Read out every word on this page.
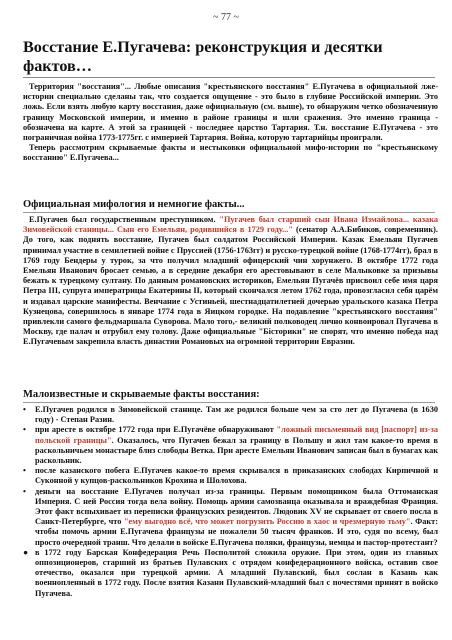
~ 77 ~
Восстание Е.Пугачева: реконструкция и десятки фактов…

Территория "восстания"... Любые описания "крестьянского восстания" Е.Пугачева в официальной лже-истории специально сделаны так, что создается ощущение - это было в глубине Российской империи. Это ложь. Если взять любую карту восстания, даже официальную (см. выше), то обнаружим четко обозначенную границу Московской империи, и именно в районе границы и шли сражения. Это именно граница - обозначена на карте. А этой за границей - последнее царство Тартария. Т.н. восстание Е.Пугачева - это пограничная война 1773-1775гг. с империей Тартария. Война, которую тартарийцы проиграли.

Теперь рассмотрим скрываемые факты и нестыковки официальной мифо-истории по "крестьянскому восстанию" Е.Пугачева...

Официальная мифология и немногие факты...

Е.Пугачев был государственным преступником. "Пугачев был старший сын Ивана Измайлова... казака Зимовейской станицы... Сын его Емельян, родившийся в 1729 году..." (сенатор А.А.Бибиков, современник). До того, как поднять восстание, Пугачев был солдатом Российской Империи. Казак Емельян Пугачев принимал участие в семилетней войне с Пруссией (1756-1763гг) и русско-турецкой войне (1768-1774гг), брал в 1769 году Бендеры у турок, за что получил младший офицерский чин хорунжего. В октябре 1772 года Емельян Иванович бросает семью, а в середине декабря его арестовывают в селе Малыковке за призывы бежать к турецкому султану. По данным романовских историков, Емельян Пугачёв присвоил себе имя царя Петра III, супруга императрицы Екатерины II, который скончался летом 1762 года, провозгласил себя царём и издавал царские манифесты. Венчание с Устиньей, шестнадцатилетней дочерью уральского казака Петра Кузнецова, совершилось в январе 1774 года в Яицком городке. На подавление "крестьянского восстания" привлекли самого фельдмаршала Суворова. Мало того,- великий полководец лично конвоировал Пугачева в Москву, где палач и отрубил ему голову. Даже официальные "Біcторики" не спорят, что именно победа над Е.Пугачевым закрепила власть династии Романовых на огромной территории Евразии.

Малоизвестные и скрываемые факты восстания:
• Е.Пугачев родился в Зимовейской станице. Там же родился больше чем за сто лет до Пугачева (в 1630 году) - Степан Разин.
• при аресте в октябре 1772 года при Е.Пугачёве обнаруживают "ложный письменный вид [паспорт] из-за польской границы". Оказалось, что Пугачев бежал за границу в Польшу и жил там какое-то время в раскольничьем монастыре близ слободы Ветка. При аресте Емельян Иванович записан был в бумагах как раскольник.
• после казанского побега Е.Пугачев какое-то время скрывался в приказанских слободах Кирпичной и Суконной у купцов-раскольников Крохина и Шолохова.
• деньги на восстание Е.Пугачев получал из-за границы. Первым помощником была Оттоманская Империя. С ней Россия тогда вела войну. Помощь армии самозванца оказывала и враждебная Франция. Этот факт вспыхивает из переписки французских резидентов. Людовик XV не скрывает от своего посла в Санкт-Петербурге, что "ему выгодно всё, что может погрузить Россию в хаос и чрезмерную тьму". Факт: чтобы помочь армии Е.Пугачева французы не пожалели 50 тысяч франков. И это, судя по всему, был просто очередной транш. Что делали в войске Е.Пугачева поляки, французы, немцы и пастор-протестант?
● в 1772 году Барская Конфедерация Речь Посполитой сложила оружие. При этом, один из главных оппозиционеров, старший из братьев Пулавских с отрядом конфедерационного войска, оставив свое отечество, оказался при турецкой армии. А младший Пулавский, был сослан в Казань как военнопленный в 1772 году. После взятия Казани Пулавский-младший был с почестями принят в войско Пугачева.
